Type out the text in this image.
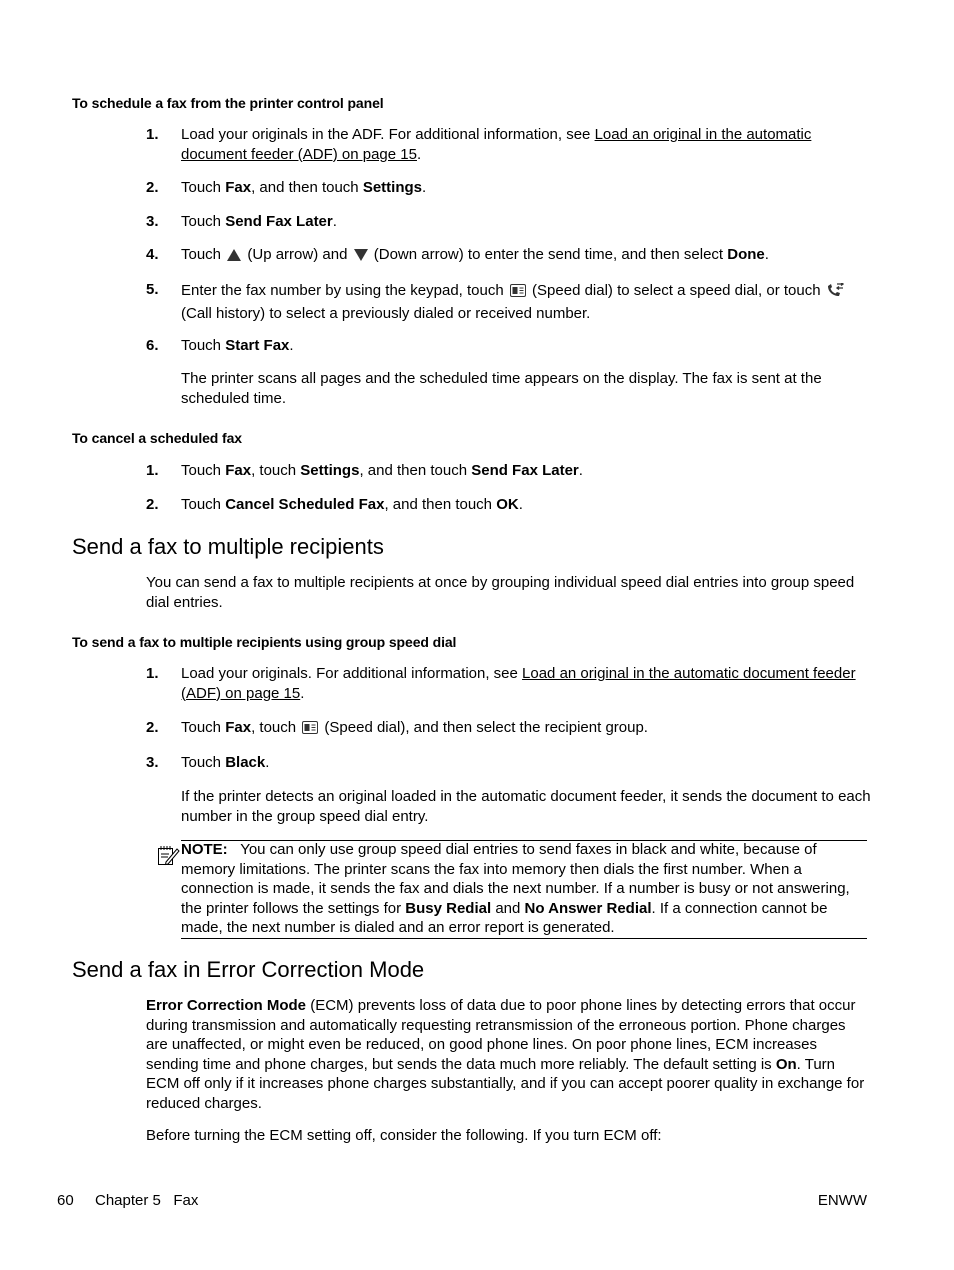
To schedule a fax from the printer control panel
1.	Load your originals in the ADF. For additional information, see Load an original in the automatic document feeder (ADF) on page 15.
2.	Touch Fax, and then touch Settings.
3.	Touch Send Fax Later.
4.	Touch  (Up arrow) and  (Down arrow) to enter the send time, and then select Done.
5.	Enter the fax number by using the keypad, touch  (Speed dial) to select a speed dial, or touch  (Call history) to select a previously dialed or received number.
6.	Touch Start Fax.
The printer scans all pages and the scheduled time appears on the display. The fax is sent at the scheduled time.
To cancel a scheduled fax
1.	Touch Fax, touch Settings, and then touch Send Fax Later.
2.	Touch Cancel Scheduled Fax, and then touch OK.
Send a fax to multiple recipients
You can send a fax to multiple recipients at once by grouping individual speed dial entries into group speed dial entries.
To send a fax to multiple recipients using group speed dial
1.	Load your originals. For additional information, see Load an original in the automatic document feeder (ADF) on page 15.
2.	Touch Fax, touch  (Speed dial), and then select the recipient group.
3.	Touch Black.
If the printer detects an original loaded in the automatic document feeder, it sends the document to each number in the group speed dial entry.
NOTE: You can only use group speed dial entries to send faxes in black and white, because of memory limitations. The printer scans the fax into memory then dials the first number. When a connection is made, it sends the fax and dials the next number. If a number is busy or not answering, the printer follows the settings for Busy Redial and No Answer Redial. If a connection cannot be made, the next number is dialed and an error report is generated.
Send a fax in Error Correction Mode
Error Correction Mode (ECM) prevents loss of data due to poor phone lines by detecting errors that occur during transmission and automatically requesting retransmission of the erroneous portion. Phone charges are unaffected, or might even be reduced, on good phone lines. On poor phone lines, ECM increases sending time and phone charges, but sends the data much more reliably. The default setting is On. Turn ECM off only if it increases phone charges substantially, and if you can accept poorer quality in exchange for reduced charges.
Before turning the ECM setting off, consider the following. If you turn ECM off:
60 Chapter 5   Fax	ENWW
